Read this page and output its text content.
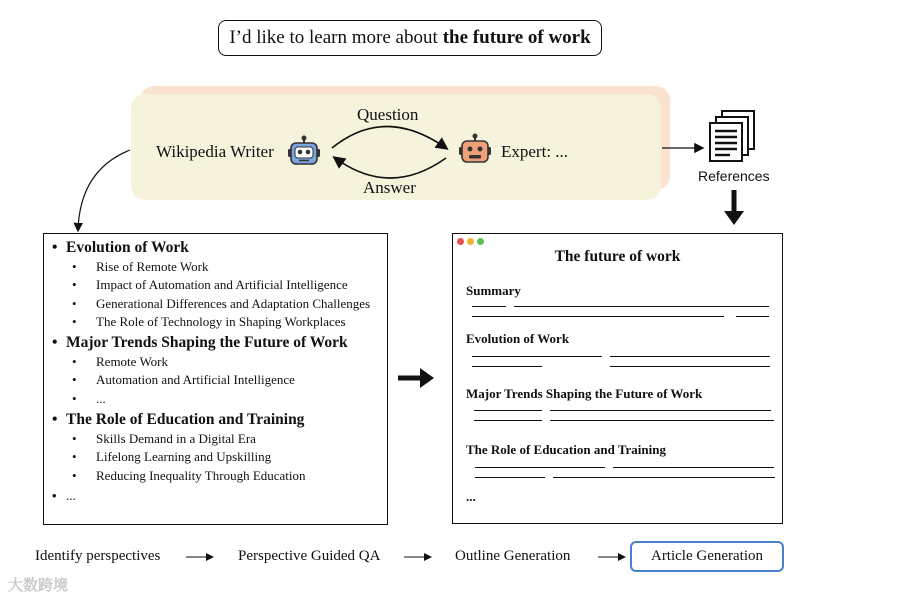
I’d like to learn more about the future of work
Wikipedia Writer	Expert: ...
Question
Answer
References
• Evolution of Work
• Rise of Remote Work
• Impact of Automation and Artificial Intelligence
• Generational Differences and Adaptation Challenges
• The Role of Technology in Shaping Workplaces
• Major Trends Shaping the Future of Work
• Remote Work
• Automation and Artificial Intelligence
• ...
• The Role of Education and Training
• Skills Demand in a Digital Era
• Lifelong Learning and Upskilling
• Reducing Inequality Through Education
• ...
The future of work
Summary
Evolution of Work
Major Trends Shaping the Future of Work
The Role of Education and Training
...
Identify perspectives	Perspective Guided QA	Outline Generation	Article Generation
大数跨境
